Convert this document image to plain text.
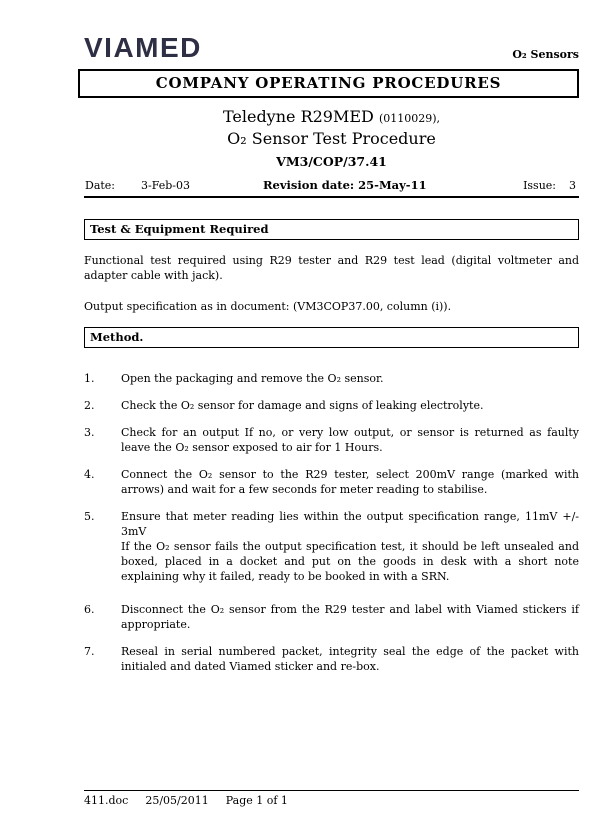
VIAMED	O₂ Sensors
COMPANY OPERATING PROCEDURES
Teledyne R29MED (0110029),
O₂ Sensor Test Procedure
VM3/COP/37.41
Date:	3-Feb-03	Revision date: 25-May-11	Issue: 3
Test & Equipment Required

Functional test required using R29 tester and R29 test lead (digital voltmeter and adapter cable with jack).

Output specification as in document: (VM3COP37.00, column (i)).

Method.
1.	Open the packaging and remove the O₂ sensor.
2.	Check the O₂ sensor for damage and signs of leaking electrolyte.
3.	Check for an output If no, or very low output, or sensor is returned as faulty leave the O₂ sensor exposed to air for 1 Hours.
4.	Connect the O₂ sensor to the R29 tester, select 200mV range (marked with arrows) and wait for a few seconds for meter reading to stabilise.
5.	Ensure that meter reading lies within the output specification range, 11mV +/- 3mV
If the O₂ sensor fails the output specification test, it should be left unsealed and boxed, placed in a docket and put on the goods in desk with a short note explaining why it failed, ready to be booked in with a SRN.
6.	Disconnect the O₂ sensor from the R29 tester and label with Viamed stickers if appropriate.
7.	Reseal in serial numbered packet, integrity seal the edge of the packet with initialed and dated Viamed sticker and re-box.
411.doc 25/05/2011 Page 1 of 1
